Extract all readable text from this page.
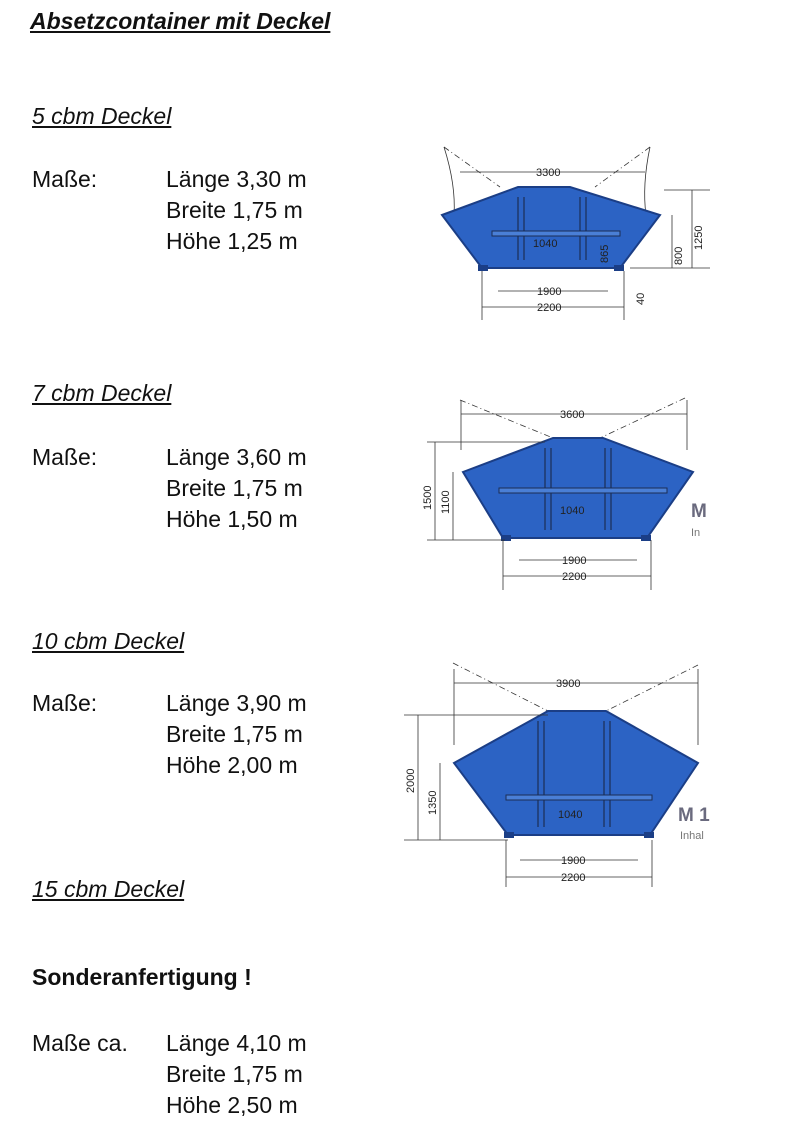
Absetzcontainer mit Deckel
5 cbm Deckel
Maße:	Länge 3,30 m
Breite 1,75 m
Höhe 1,25 m
3300
1040
865	800
1250
40
1900
2200
7 cbm Deckel
Maße:	Länge 3,60 m
Breite 1,75 m
Höhe 1,50 m
3600
1040
1500 1100
1900
2200
M
In
10 cbm Deckel
Maße:	Länge 3,90 m
Breite 1,75 m
Höhe 2,00 m
3900
1040
2000
1350
1900
2200
M 1
Inhal
15 cbm Deckel
Sonderanfertigung !
Maße ca. Länge 4,10 m
Breite 1,75 m
Höhe 2,50 m
